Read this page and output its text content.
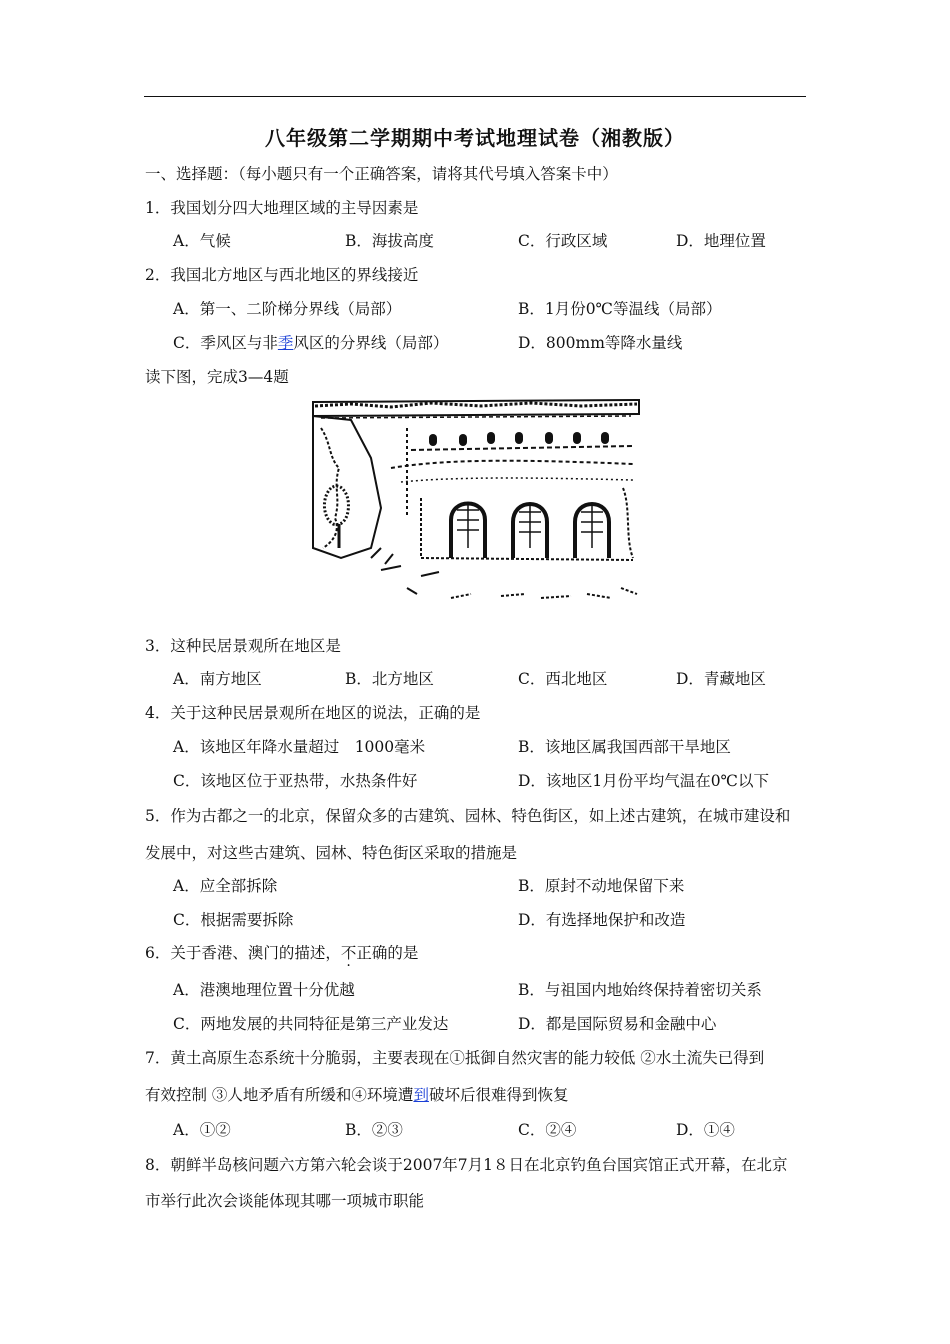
八年级第二学期期中考试地理试卷（湘教版）
一、选择题：（每小题只有一个正确答案，请将其代号填入答案卡中）
1．我国划分四大地理区域的主导因素是
A．气候	B．海拔高度	C．行政区域	D．地理位置
2．我国北方地区与西北地区的界线接近
A．第一、二阶梯分界线（局部）	B．1月份0℃等温线（局部）
C．季风区与非季风区的分界线（局部）	D．800mm等降水量线
读下图，完成3—4题
3．这种民居景观所在地区是
A．南方地区	B．北方地区	C．西北地区	D．青藏地区
4．关于这种民居景观所在地区的说法，正确的是
A．该地区年降水量超过　1000毫米	B．该地区属我国西部干旱地区
C．该地区位于亚热带，水热条件好	D．该地区1月份平均气温在0℃以下
5．作为古都之一的北京，保留众多的古建筑、园林、特色街区，如上述古建筑，在城市建设和
发展中，对这些古建筑、园林、特色街区采取的措施是
A．应全部拆除	B．原封不动地保留下来
C．根据需要拆除	D．有选择地保护和改造
6．关于香港、澳门的描述，不正确的是
A．港澳地理位置十分优越	B．与祖国内地始终保持着密切关系
C．两地发展的共同特征是第三产业发达	D．都是国际贸易和金融中心
7．黄土高原生态系统十分脆弱，主要表现在①抵御自然灾害的能力较低 ②水土流失已得到
有效控制 ③人地矛盾有所缓和④环境遭到破坏后很难得到恢复
A．①②	B．②③	C．②④	D．①④
8．朝鲜半岛核问题六方第六轮会谈于2007年7月1８日在北京钓鱼台国宾馆正式开幕，在北京
市举行此次会谈能体现其哪一项城市职能
